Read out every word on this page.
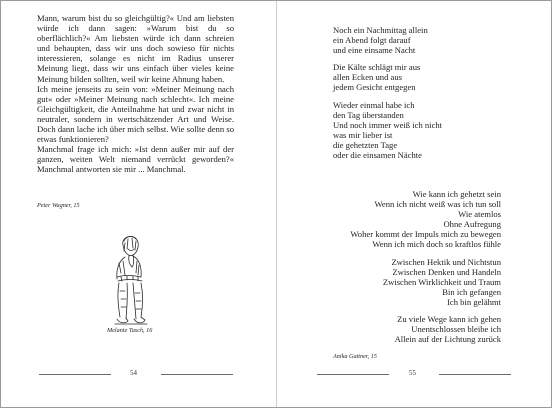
Mann, warum bist du so gleichgültig?« Und am liebsten würde ich dann sagen: »Warum bist du so oberflächlich?« Am liebsten würde ich dann schreien und behaupten, dass wir uns doch sowieso für nichts interessieren, solange es nicht im Radius unserer Meinung liegt, dass wir uns einfach über vieles keine Meinung bilden sollten, weil wir keine Ahnung haben.

Ich meine jenseits zu sein von: »Meiner Meinung nach gut« oder »Meiner Meinung nach schlecht«. Ich meine Gleichgültigkeit, die Anteilnahme hat und zwar nicht in neutraler, sondern in wertschätzender Art und Weise. Doch dann lache ich über mich selbst. Wie sollte denn so etwas funktionieren?

Manchmal frage ich mich: »Ist denn außer mir auf der ganzen, weiten Welt niemand verrückt geworden?« Manchmal antworten sie mir ... Manchmal.

Peter Wagner, 15
Melanie Tasch, 16
54
Noch ein Nachmittag allein
ein Abend folgt darauf
und eine einsame Nacht
Die Kälte schlägt mir aus
allen Ecken und aus
jedem Gesicht entgegen
Wieder einmal habe ich
den Tag überstanden
Und noch immer weiß ich nicht
was mir lieber ist
die gehetzten Tage
oder die einsamen Nächte
Wie kann ich gehetzt sein
Wenn ich nicht weiß was ich tun soll
Wie atemlos
Ohne Aufregung
Woher kommt der Impuls mich zu bewegen
Wenn ich mich doch so kraftlos fühle
Zwischen Hektik und Nichtstun
Zwischen Denken und Handeln
Zwischen Wirklichkeit und Traum
Bin ich gefangen
Ich bin gelähmt
Zu viele Wege kann ich gehen
Unentschlossen bleibe ich
Allein auf der Lichtung zurück
Anika Gattner, 15
55
